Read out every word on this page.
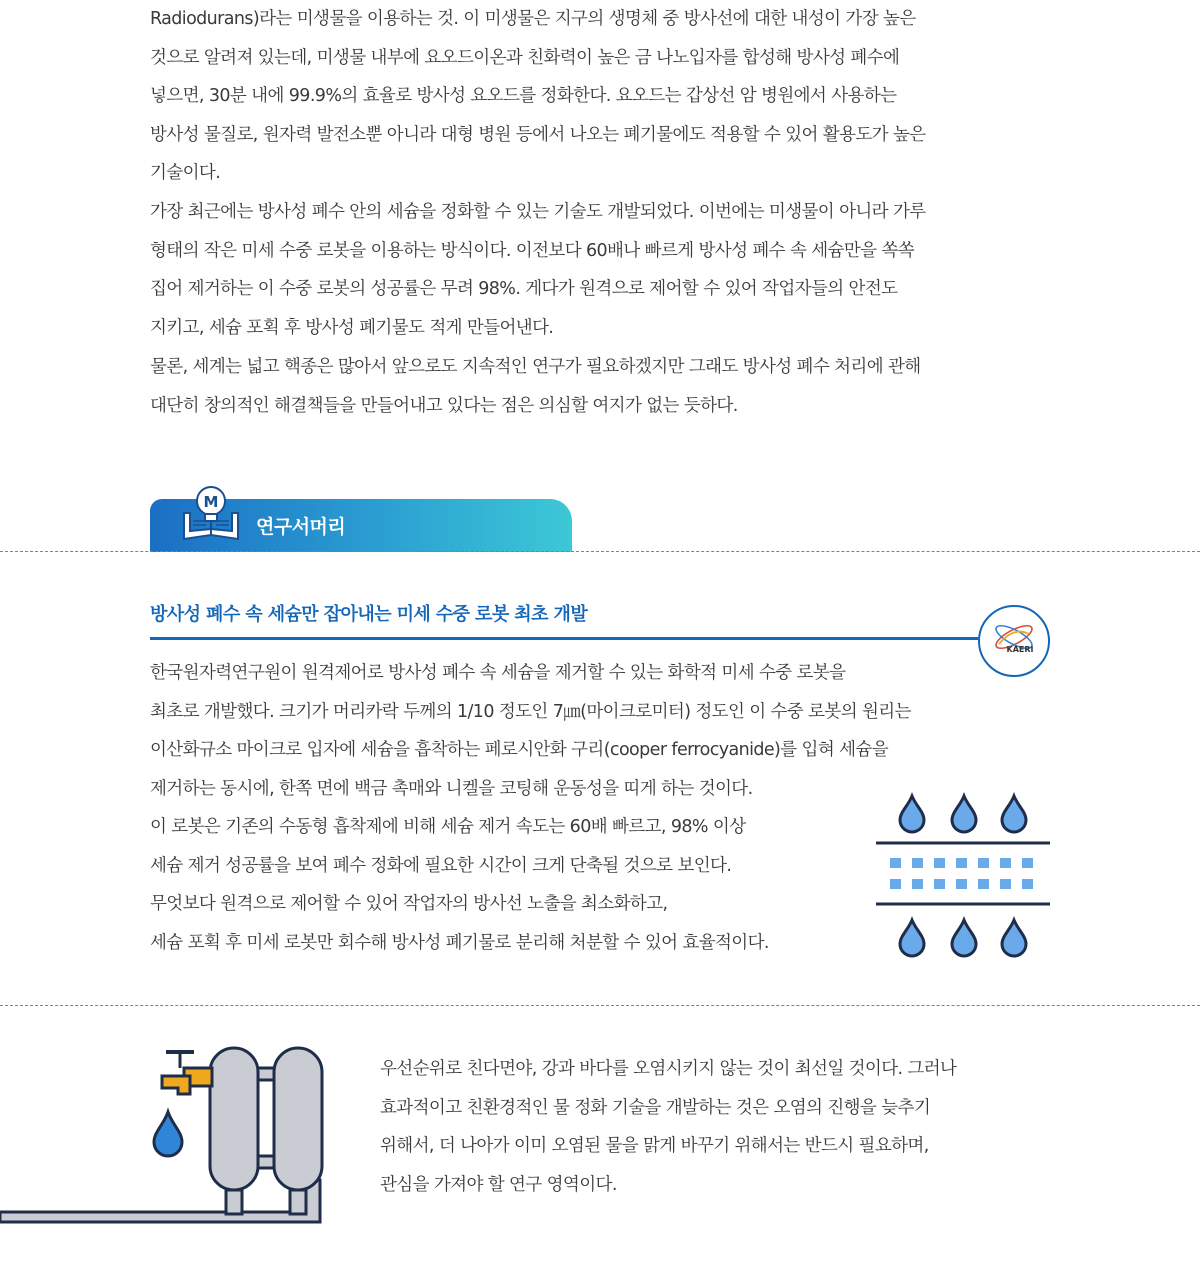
Radiodurans)라는 미생물을 이용하는 것. 이 미생물은 지구의 생명체 중 방사선에 대한 내성이 가장 높은
것으로 알려져 있는데, 미생물 내부에 요오드이온과 친화력이 높은 금 나노입자를 합성해 방사성 폐수에
넣으면, 30분 내에 99.9%의 효율로 방사성 요오드를 정화한다. 요오드는 갑상선 암 병원에서 사용하는
방사성 물질로, 원자력 발전소뿐 아니라 대형 병원 등에서 나오는 폐기물에도 적용할 수 있어 활용도가 높은
기술이다.
가장 최근에는 방사성 폐수 안의 세슘을 정화할 수 있는 기술도 개발되었다. 이번에는 미생물이 아니라 가루
형태의 작은 미세 수중 로봇을 이용하는 방식이다. 이전보다 60배나 빠르게 방사성 폐수 속 세슘만을 쏙쏙
집어 제거하는 이 수중 로봇의 성공률은 무려 98%. 게다가 원격으로 제어할 수 있어 작업자들의 안전도
지키고, 세슘 포획 후 방사성 폐기물도 적게 만들어낸다.
물론, 세계는 넓고 핵종은 많아서 앞으로도 지속적인 연구가 필요하겠지만 그래도 방사성 폐수 처리에 관해
대단히 창의적인 해결책들을 만들어내고 있다는 점은 의심할 여지가 없는 듯하다.
M
연구서머리
방사성 폐수 속 세슘만 잡아내는 미세 수중 로봇 최초 개발
KAERI
한국원자력연구원이 원격제어로 방사성 폐수 속 세슘을 제거할 수 있는 화학적 미세 수중 로봇을
최초로 개발했다. 크기가 머리카락 두께의 1/10 정도인 7㎛(마이크로미터) 정도인 이 수중 로봇의 원리는
이산화규소 마이크로 입자에 세슘을 흡착하는 페로시안화 구리(cooper ferrocyanide)를 입혀 세슘을
제거하는 동시에, 한쪽 면에 백금 촉매와 니켈을 코팅해 운동성을 띠게 하는 것이다.
이 로봇은 기존의 수동형 흡착제에 비해 세슘 제거 속도는 60배 빠르고, 98% 이상
세슘 제거 성공률을 보여 폐수 정화에 필요한 시간이 크게 단축될 것으로 보인다.
무엇보다 원격으로 제어할 수 있어 작업자의 방사선 노출을 최소화하고,
세슘 포획 후 미세 로봇만 회수해 방사성 폐기물로 분리해 처분할 수 있어 효율적이다.
우선순위로 친다면야, 강과 바다를 오염시키지 않는 것이 최선일 것이다. 그러나
효과적이고 친환경적인 물 정화 기술을 개발하는 것은 오염의 진행을 늦추기
위해서, 더 나아가 이미 오염된 물을 맑게 바꾸기 위해서는 반드시 필요하며,
관심을 가져야 할 연구 영역이다.
